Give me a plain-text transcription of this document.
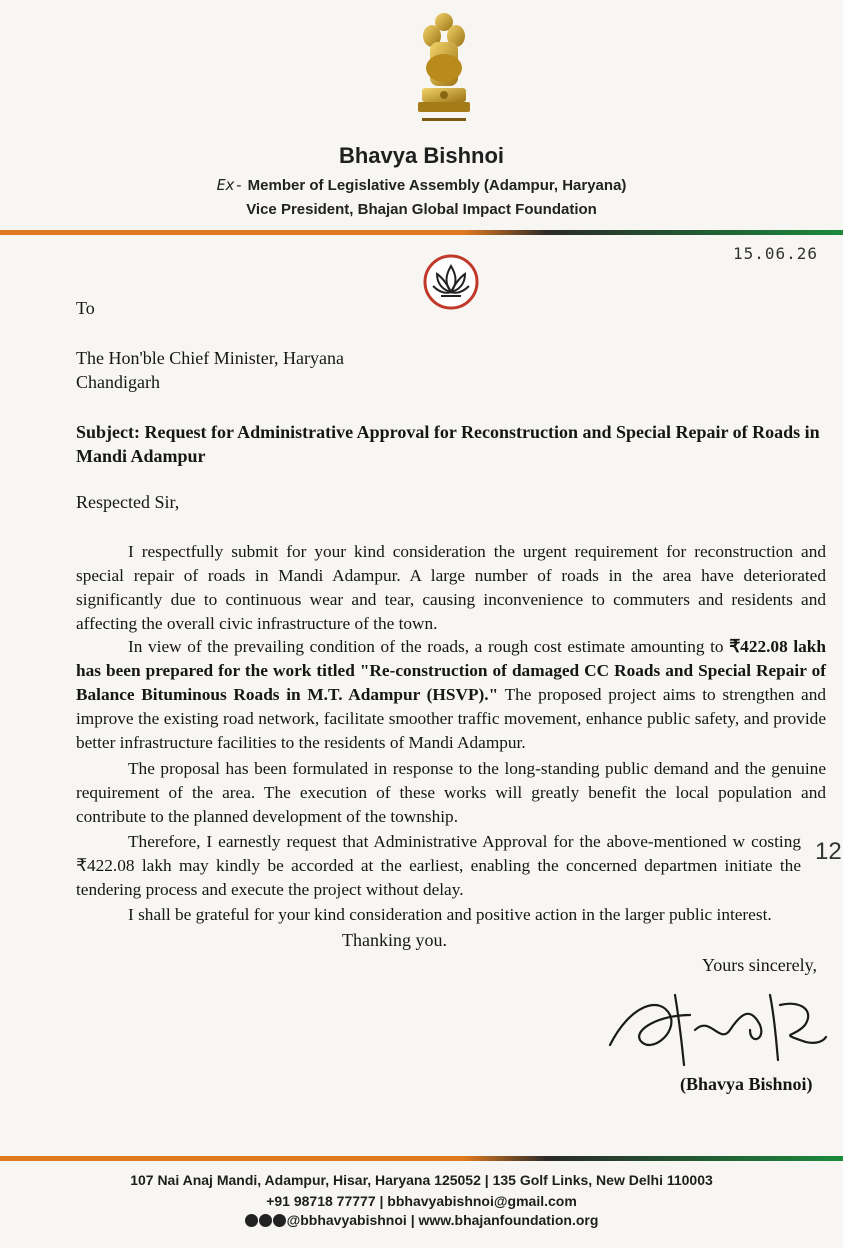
Bhavya Bishnoi
Ex- Member of Legislative Assembly (Adampur, Haryana)
Vice President, Bhajan Global Impact Foundation
15.06.26
To
The Hon'ble Chief Minister, Haryana
Chandigarh
Subject: Request for Administrative Approval for Reconstruction and Special Repair of Roads in Mandi Adampur
Respected Sir,

I respectfully submit for your kind consideration the urgent requirement for reconstruction and special repair of roads in Mandi Adampur. A large number of roads in the area have deteriorated significantly due to continuous wear and tear, causing inconvenience to commuters and residents and affecting the overall civic infrastructure of the town.

In view of the prevailing condition of the roads, a rough cost estimate amounting to ₹422.08 lakh has been prepared for the work titled "Re-construction of damaged CC Roads and Special Repair of Balance Bituminous Roads in M.T. Adampur (HSVP)." The proposed project aims to strengthen and improve the existing road network, facilitate smoother traffic movement, enhance public safety, and provide better infrastructure facilities to the residents of Mandi Adampur.

The proposal has been formulated in response to the long-standing public demand and the genuine requirement of the area. The execution of these works will greatly benefit the local population and contribute to the planned development of the township.

Therefore, I earnestly request that Administrative Approval for the above-mentioned w costing ₹422.08 lakh may kindly be accorded at the earliest, enabling the concerned departmen initiate the tendering process and execute the project without delay.

12

I shall be grateful for your kind consideration and positive action in the larger public interest.

Thanking you.
Yours sincerely,
(Bhavya Bishnoi)
107 Nai Anaj Mandi, Adampur, Hisar, Haryana 125052 | 135 Golf Links, New Delhi 110003
+91 98718 77777 | bbhavyabishnoi@gmail.com
@bbhavyabishnoi | www.bhajanfoundation.org
